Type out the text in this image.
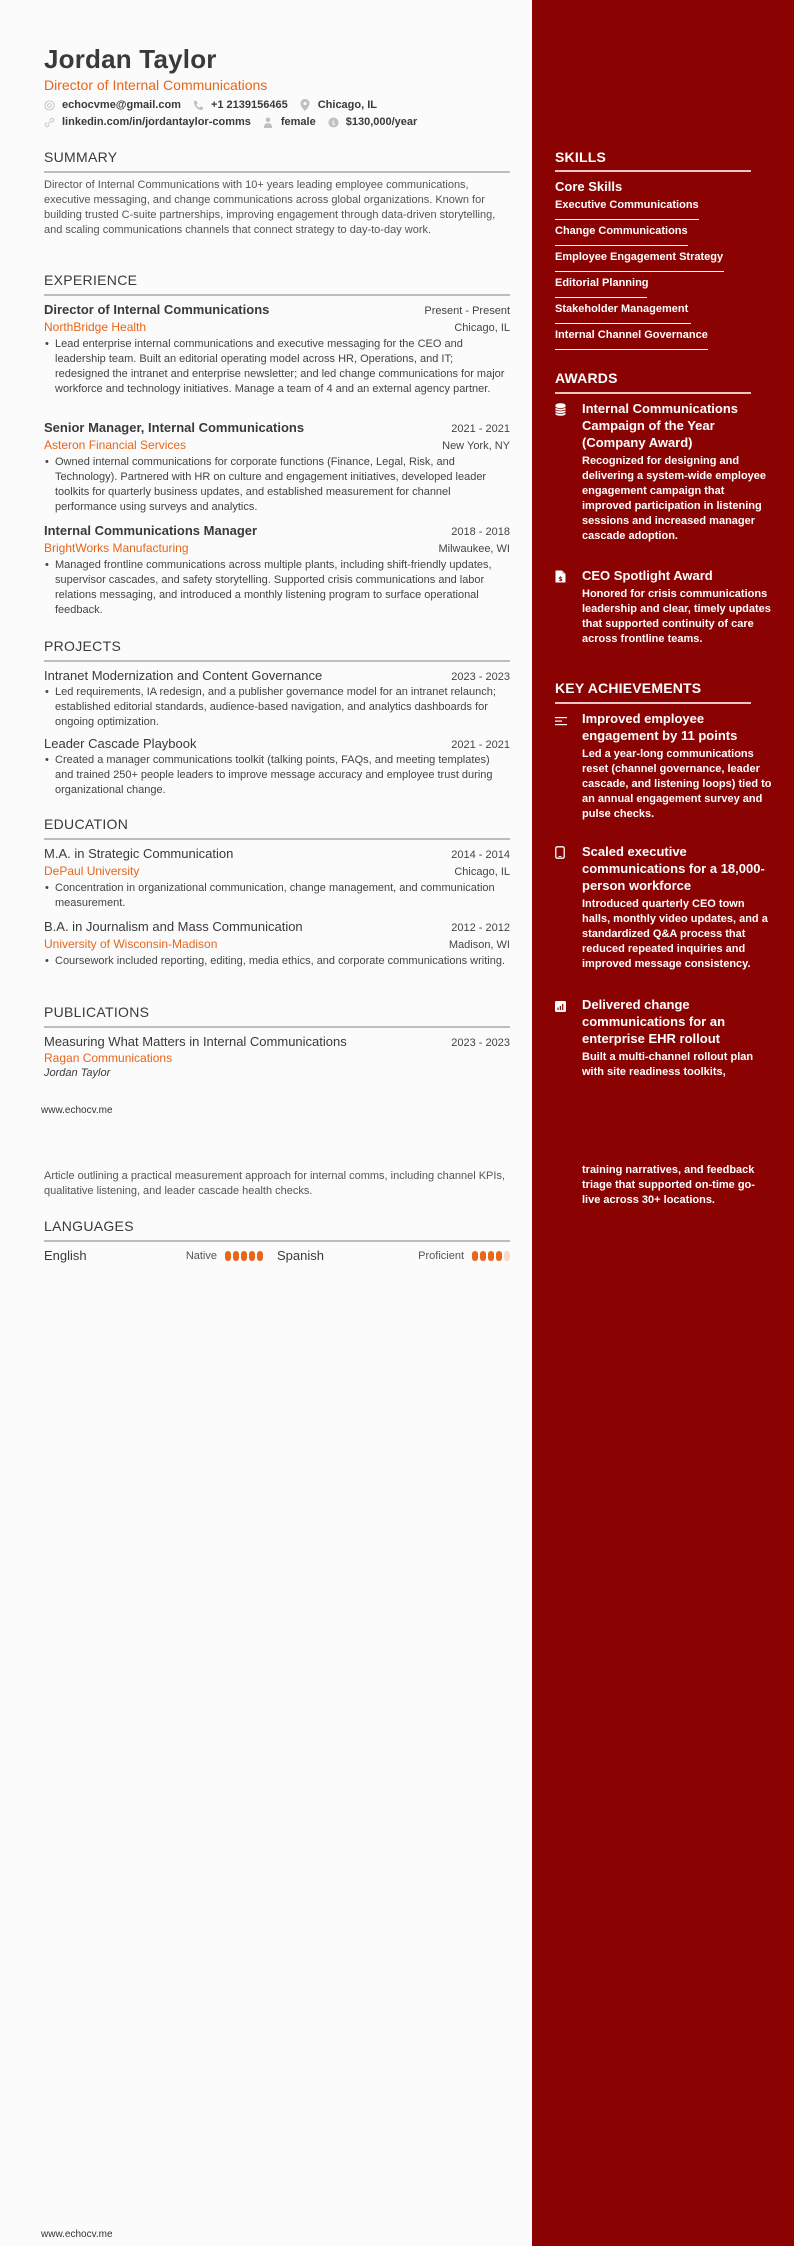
Jordan Taylor
Director of Internal Communications
echocvme@gmail.com	+1 2139156465	Chicago, IL
linkedin.com/in/jordantaylor-comms	female $ $130,000/year
SUMMARY
Director of Internal Communications with 10+ years leading employee communications, executive messaging, and change communications across global organizations. Known for building trusted C-suite partnerships, improving engagement through data-driven storytelling, and scaling communications channels that connect strategy to day-to-day work.
EXPERIENCE
Director of Internal Communications	Present - Present
NorthBridge Health	Chicago, IL
• Lead enterprise internal communications and executive messaging for the CEO and leadership team. Built an editorial operating model across HR, Operations, and IT; redesigned the intranet and enterprise newsletter; and led change communications for major workforce and technology initiatives. Manage a team of 4 and an external agency partner.
Senior Manager, Internal Communications	2021 - 2021
Asteron Financial Services	New York, NY
• Owned internal communications for corporate functions (Finance, Legal, Risk, and Technology). Partnered with HR on culture and engagement initiatives, developed leader toolkits for quarterly business updates, and established measurement for channel performance using surveys and analytics.
Internal Communications Manager	2018 - 2018
BrightWorks Manufacturing	Milwaukee, WI
• Managed frontline communications across multiple plants, including shift-friendly updates, supervisor cascades, and safety storytelling. Supported crisis communications and labor relations messaging, and introduced a monthly listening program to surface operational feedback.
PROJECTS
Intranet Modernization and Content Governance	2023 - 2023
• Led requirements, IA redesign, and a publisher governance model for an intranet relaunch; established editorial standards, audience-based navigation, and analytics dashboards for ongoing optimization.
Leader Cascade Playbook	2021 - 2021
• Created a manager communications toolkit (talking points, FAQs, and meeting templates) and trained 250+ people leaders to improve message accuracy and employee trust during organizational change.
EDUCATION
M.A. in Strategic Communication	2014 - 2014
DePaul University	Chicago, IL
• Concentration in organizational communication, change management, and communication measurement.
B.A. in Journalism and Mass Communication	2012 - 2012
University of Wisconsin-Madison	Madison, WI
• Coursework included reporting, editing, media ethics, and corporate communications writing.
PUBLICATIONS
Measuring What Matters in Internal Communications	2023 - 2023
Ragan Communications
Jordan Taylor
www.echocv.me
Article outlining a practical measurement approach for internal comms, including channel KPIs, qualitative listening, and leader cascade health checks.
LANGUAGES
English	Native	Spanish	Proficient
www.echocv.me
SKILLS
Core Skills
Executive Communications
Change Communications
Employee Engagement Strategy
Editorial Planning
Stakeholder Management
Internal Channel Governance
AWARDS
Internal Communications Campaign of the Year (Company Award)
Recognized for designing and delivering a system-wide employee engagement campaign that improved participation in listening sessions and increased manager cascade adoption.
$ CEO Spotlight Award
Honored for crisis communications leadership and clear, timely updates that supported continuity of care across frontline teams.
KEY ACHIEVEMENTS
Improved employee engagement by 11 points
Led a year-long communications reset (channel governance, leader cascade, and listening loops) tied to an annual engagement survey and pulse checks.
Scaled executive communications for a 18,000-person workforce
Introduced quarterly CEO town halls, monthly video updates, and a standardized Q&A process that reduced repeated inquiries and improved message consistency.
Delivered change communications for an enterprise EHR rollout
Built a multi-channel rollout plan with site readiness toolkits,
training narratives, and feedback triage that supported on-time go-live across 30+ locations.
